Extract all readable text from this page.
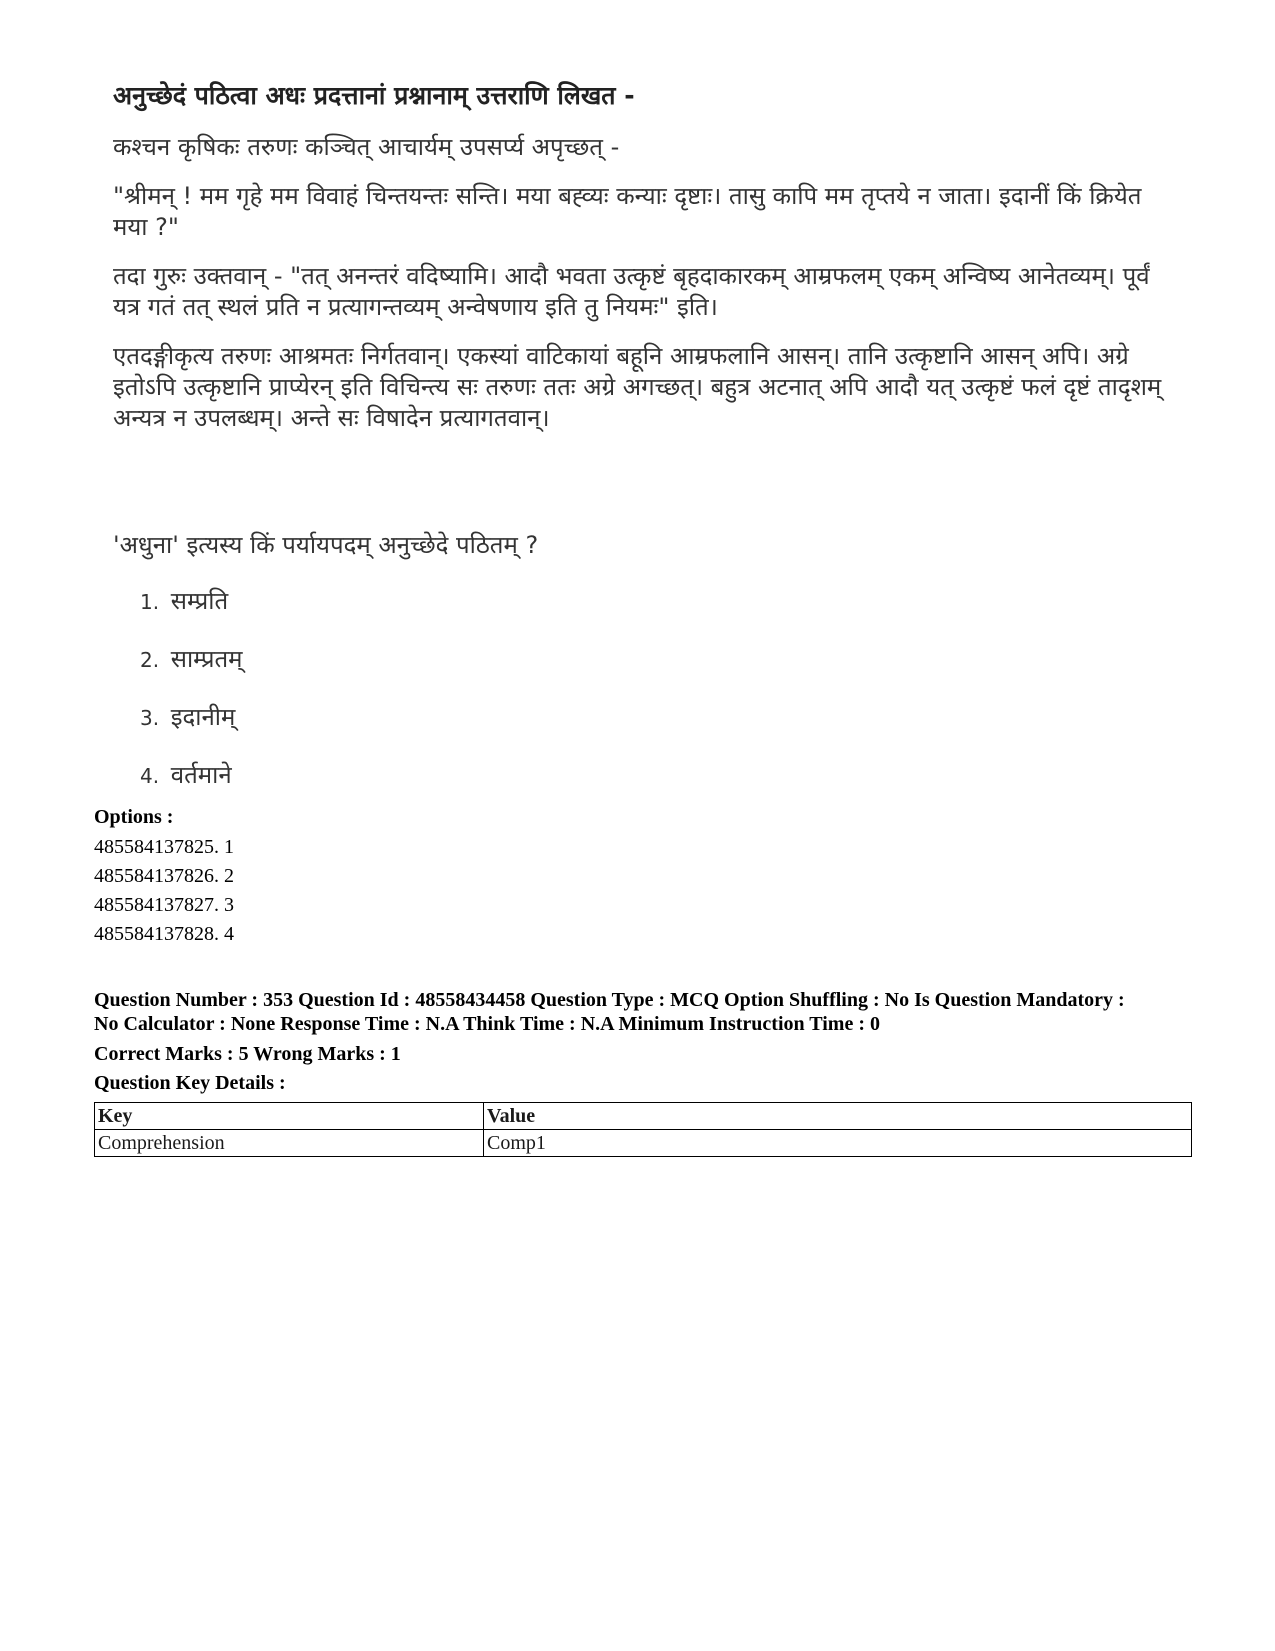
अनुच्छेदं पठित्वा अधः प्रदत्तानां प्रश्नानाम् उत्तराणि लिखत -

कश्चन कृषिकः तरुणः कञ्चित् आचार्यम् उपसर्प्य अपृच्छत् -

"श्रीमन् ! मम गृहे मम विवाहं चिन्तयन्तः सन्ति। मया बह्व्यः कन्याः दृष्टाः। तासु कापि मम तृप्तये न जाता। इदानीं किं क्रियेत मया ?"

तदा गुरुः उक्तवान् - "तत् अनन्तरं वदिष्यामि। आदौ भवता उत्कृष्टं बृहदाकारकम् आम्रफलम् एकम् अन्विष्य आनेतव्यम्। पूर्वं यत्र गतं तत् स्थलं प्रति न प्रत्यागन्तव्यम् अन्वेषणाय इति तु नियमः" इति।

एतदङ्गीकृत्य तरुणः आश्रमतः निर्गतवान्। एकस्यां वाटिकायां बहूनि आम्रफलानि आसन्। तानि उत्कृष्टानि आसन् अपि। अग्रे इतोऽपि उत्कृष्टानि प्राप्येरन् इति विचिन्त्य सः तरुणः ततः अग्रे अगच्छत्। बहुत्र अटनात् अपि आदौ यत् उत्कृष्टं फलं दृष्टं तादृशम् अन्यत्र न उपलब्धम्। अन्ते सः विषादेन प्रत्यागतवान्।

'अधुना' इत्यस्य किं पर्यायपदम् अनुच्छेदे पठितम् ?

1. सम्प्रति
2. साम्प्रतम्
3. इदानीम्
4. वर्तमाने
Options :
485584137825. 1
485584137826. 2
485584137827. 3
485584137828. 4
Question Number : 353 Question Id : 48558434458 Question Type : MCQ Option Shuffling : No Is Question Mandatory :
No Calculator : None Response Time : N.A Think Time : N.A Minimum Instruction Time : 0
Correct Marks : 5 Wrong Marks : 1
Question Key Details :
Key	Value
Comprehension	Comp1
